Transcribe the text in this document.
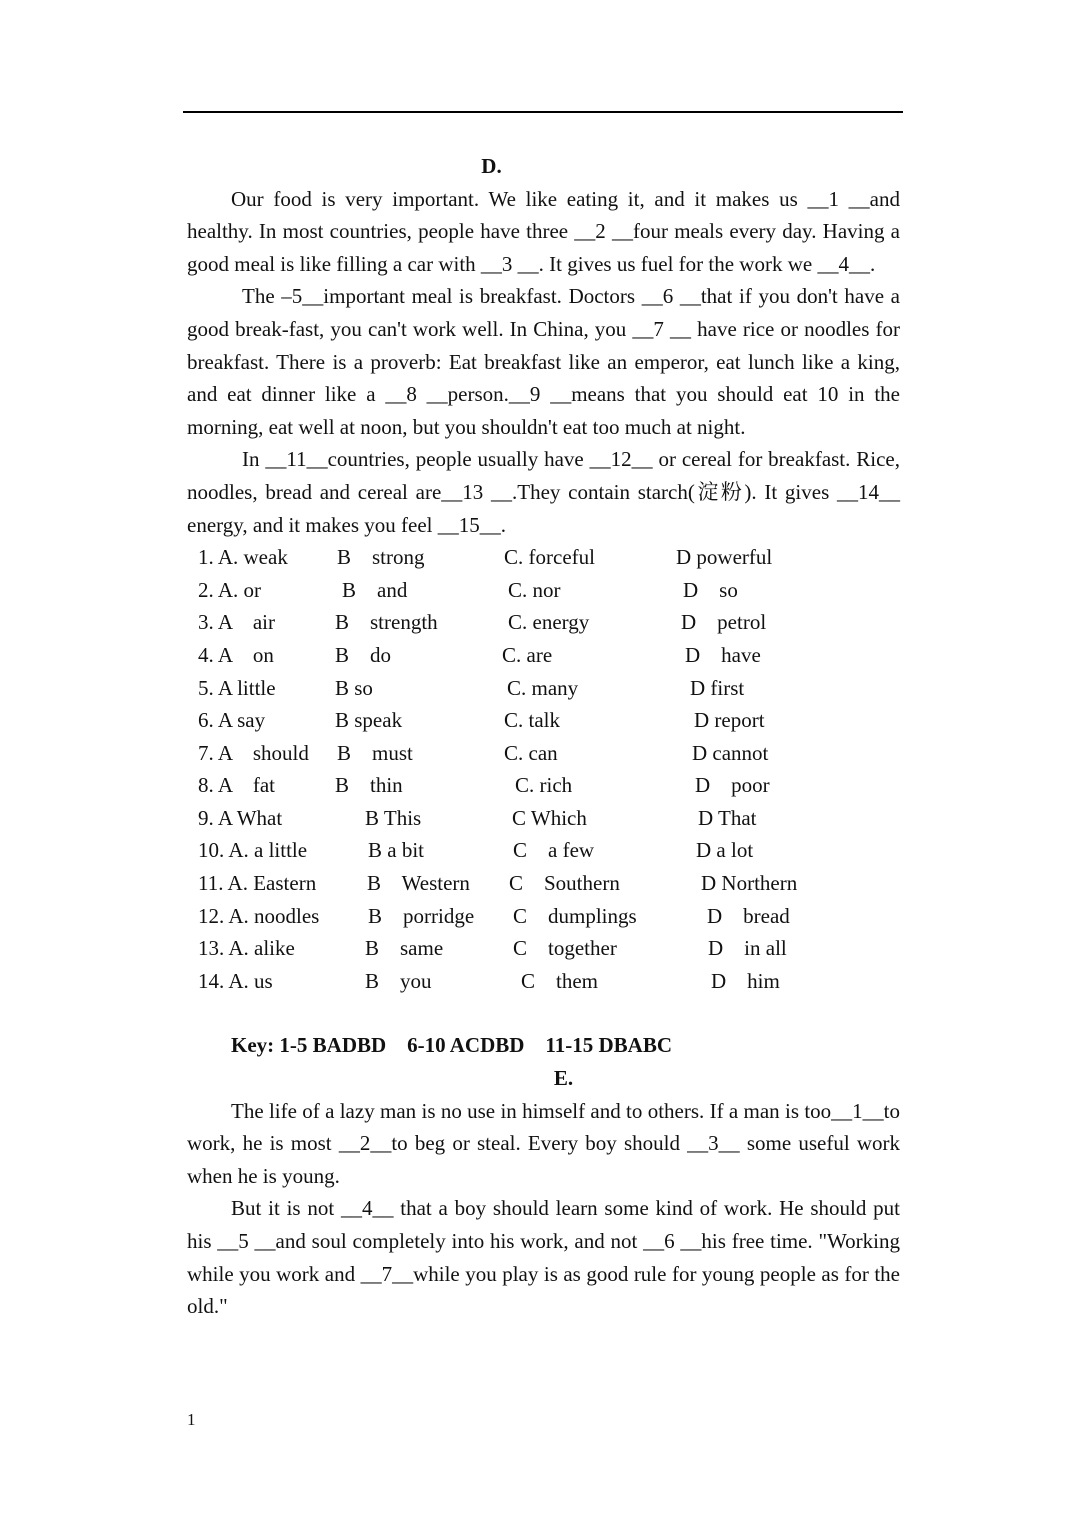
D.

Our food is very important. We like eating it, and it makes us __1 __and healthy. In most countries, people have three __2 __four meals every day. Having a good meal is like filling a car with __3 __. It gives us fuel for the work we __4__.

The –5__important meal is breakfast. Doctors __6 __that if you don't have a good break-fast, you can't work well. In China, you __7 __ have rice or noodles for breakfast. There is a proverb: Eat breakfast like an emperor, eat lunch like a king, and eat dinner like a __8 __person.__9 __means that you should eat 10 in the morning, eat well at noon, but you shouldn't eat too much at night.

In __11__countries, people usually have __12__ or cereal for breakfast. Rice, noodles, bread and cereal are__13 __.They contain starch(淀粉). It gives __14__ energy, and it makes you feel __15__.

1. A. weak B    strong	C. forceful	D powerful
2. A. or	B    and	C. nor	D    so
3. A    air	B    strength	C. energy	D    petrol
4. A    on	B    do	C. are	D    have
5. A little	B so	C. many	D first
6. A say	B speak	C. talk	D report
7. A    should B    must	C. can	D cannot
8. A    fat	B    thin	C. rich	D    poor
9. A What	B This	C Which	D That
10. A. a little	B a bit	C    a few	D a lot
11. A. Eastern B    Western C    Southern	D Northern
12. A. noodles B    porridge C    dumplings	D    bread
13. A. alike	B    same	C    together	D    in all
14. A. us	B    you	C    them	D    him
Key: 1-5 BADBD    6-10 ACDBD    11-15 DBABC
E.

The life of a lazy man is no use in himself and to others. If a man is too__1__to work, he is most __2__to beg or steal. Every boy should __3__ some useful work when he is young.

But it is not __4__ that a boy should learn some kind of work. He should put his __5 __and soul completely into his work, and not __6 __his free time. "Working while you work and __7__while you play is as good rule for young people as for the old."

1
